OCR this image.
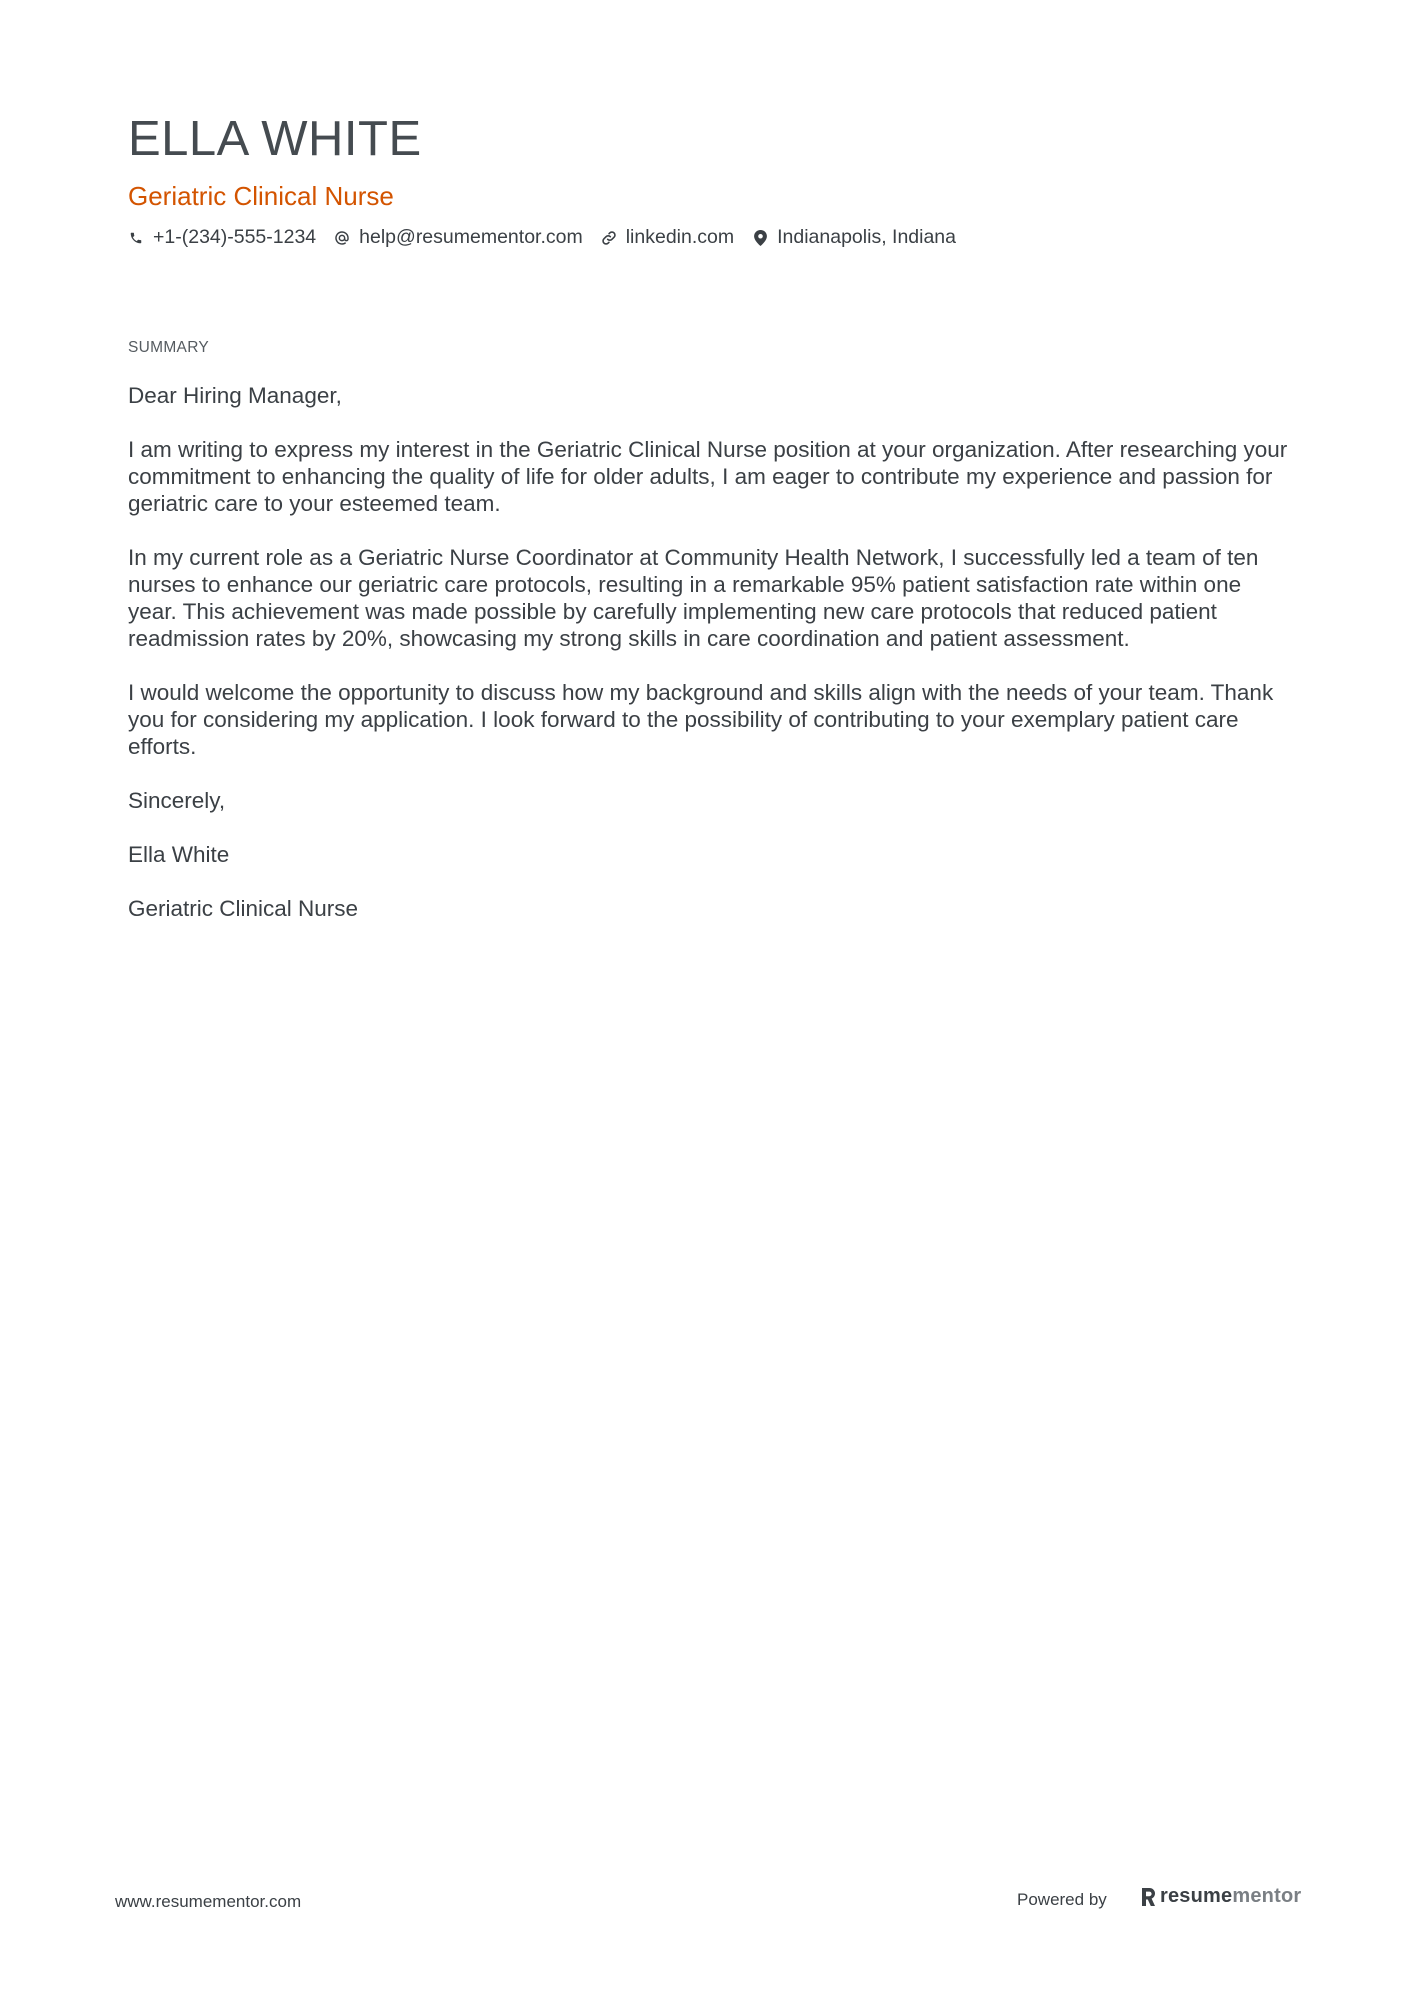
ELLA WHITE
Geriatric Clinical Nurse
+1-(234)-555-1234 help@resumementor.com linkedin.com Indianapolis, Indiana
SUMMARY

Dear Hiring Manager,

I am writing to express my interest in the Geriatric Clinical Nurse position at your organization. After researching your commitment to enhancing the quality of life for older adults, I am eager to contribute my experience and passion for geriatric care to your esteemed team.

In my current role as a Geriatric Nurse Coordinator at Community Health Network, I successfully led a team of ten nurses to enhance our geriatric care protocols, resulting in a remarkable 95% patient satisfaction rate within one year. This achievement was made possible by carefully implementing new care protocols that reduced patient readmission rates by 20%, showcasing my strong skills in care coordination and patient assessment.

I would welcome the opportunity to discuss how my background and skills align with the needs of your team. Thank you for considering my application. I look forward to the possibility of contributing to your exemplary patient care efforts.

Sincerely,

Ella White

Geriatric Clinical Nurse

www.resumementor.com	Powered by	resume mentor
